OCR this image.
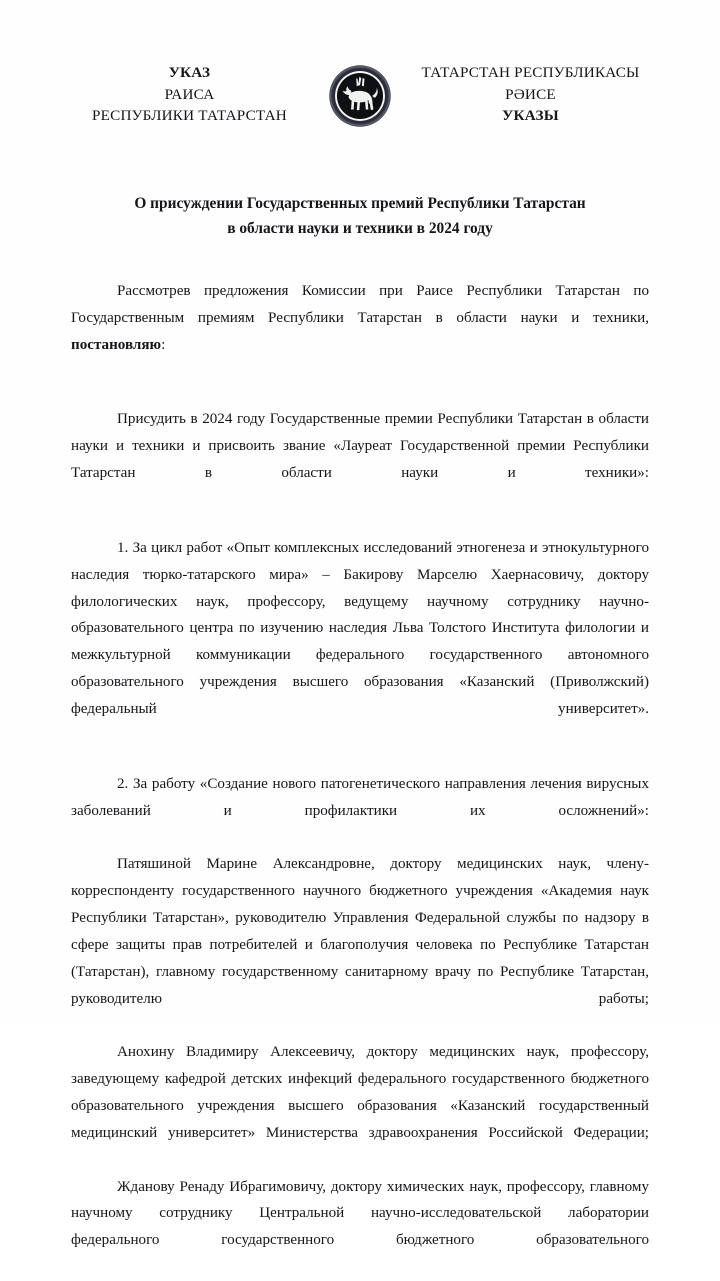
УКАЗ
РАИСА
РЕСПУБЛИКИ ТАТАРСТАН
ТАТАРСТАН РЕСПУБЛИКАСЫ
РӘИСЕ
УКАЗЫ
О присуждении Государственных премий Республики Татарстан
в области науки и техники в 2024 году

Рассмотрев предложения Комиссии при Раисе Республики Татарстан по Государственным премиям Республики Татарстан в области науки и техники, постановляю:

Присудить в 2024 году Государственные премии Республики Татарстан в области науки и техники и присвоить звание «Лауреат Государственной премии Республики Татарстан в области науки и техники»:

1. За цикл работ «Опыт комплексных исследований этногенеза и этнокультурного наследия тюрко-татарского мира» – Бакирову Марселю Хаернасовичу, доктору филологических наук, профессору, ведущему научному сотруднику научно-образовательного центра по изучению наследия Льва Толстого Института филологии и межкультурной коммуникации федерального государственного автономного образовательного учреждения высшего образования «Казанский (Приволжский) федеральный университет».

2. За работу «Создание нового патогенетического направления лечения вирусных заболеваний и профилактики их осложнений»:

Патяшиной Марине Александровне, доктору медицинских наук, члену-корреспонденту государственного научного бюджетного учреждения «Академия наук Республики Татарстан», руководителю Управления Федеральной службы по надзору в сфере защиты прав потребителей и благополучия человека по Республике Татарстан (Татарстан), главному государственному санитарному врачу по Республике Татарстан, руководителю работы;

Анохину Владимиру Алексеевичу, доктору медицинских наук, профессору, заведующему кафедрой детских инфекций федерального государственного бюджетного образовательного учреждения высшего образования «Казанский государственный медицинский университет» Министерства здравоохранения Российской Федерации;

Жданову Ренаду Ибрагимовичу, доктору химических наук, профессору, главному научному сотруднику Центральной научно-исследовательской лаборатории федерального государственного бюджетного образовательного
